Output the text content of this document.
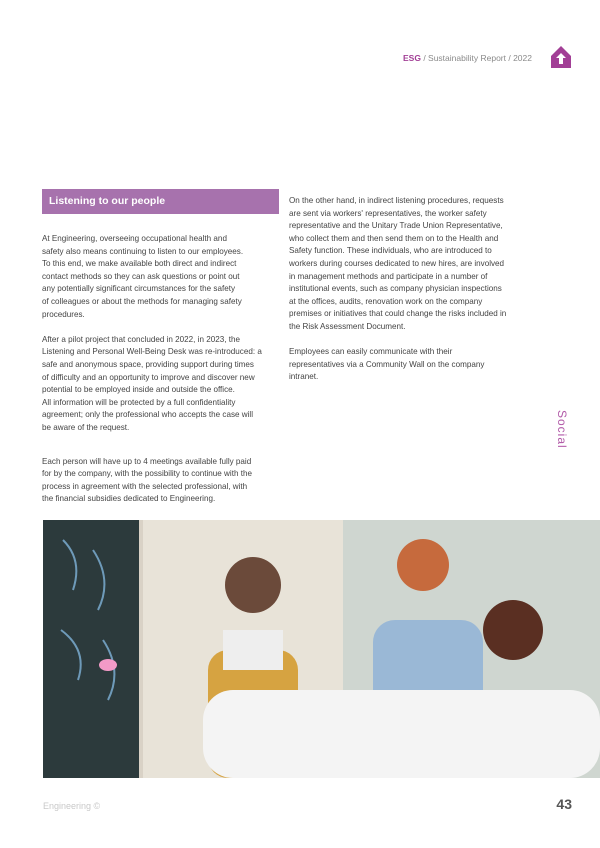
ESG / Sustainability Report / 2022
Listening to our people

At Engineering, overseeing occupational health and

safety also means continuing to listen to our employees.

To this end, we make available both direct and indirect

contact methods so they can ask questions or point out

any potentially significant circumstances for the safety

of colleagues or about the methods for managing safety

procedures.

After a pilot project that concluded in 2022, in 2023, the

Listening and Personal Well-Being Desk was re-introduced: a

safe and anonymous space, providing support during times

of difficulty and an opportunity to improve and discover new

potential to be employed inside and outside the office.

All information will be protected by a full confidentiality

agreement; only the professional who accepts the case will

be aware of the request.

Each person will have up to 4 meetings available fully paid

for by the company, with the possibility to continue with the

process in agreement with the selected professional, with

the financial subsidies dedicated to Engineering.

On the other hand, in indirect listening procedures, requests

are sent via workers' representatives, the worker safety

representative and the Unitary Trade Union Representative,

who collect them and then send them on to the Health and

Safety function. These individuals, who are introduced to

workers during courses dedicated to new hires, are involved

in management methods and participate in a number of

institutional events, such as company physician inspections

at the offices, audits, renovation work on the company

premises or initiatives that could change the risks included in

the Risk Assessment Document.

Employees can easily communicate with their

representatives via a Community Wall on the company

intranet.

Social
Engineering ©	43
